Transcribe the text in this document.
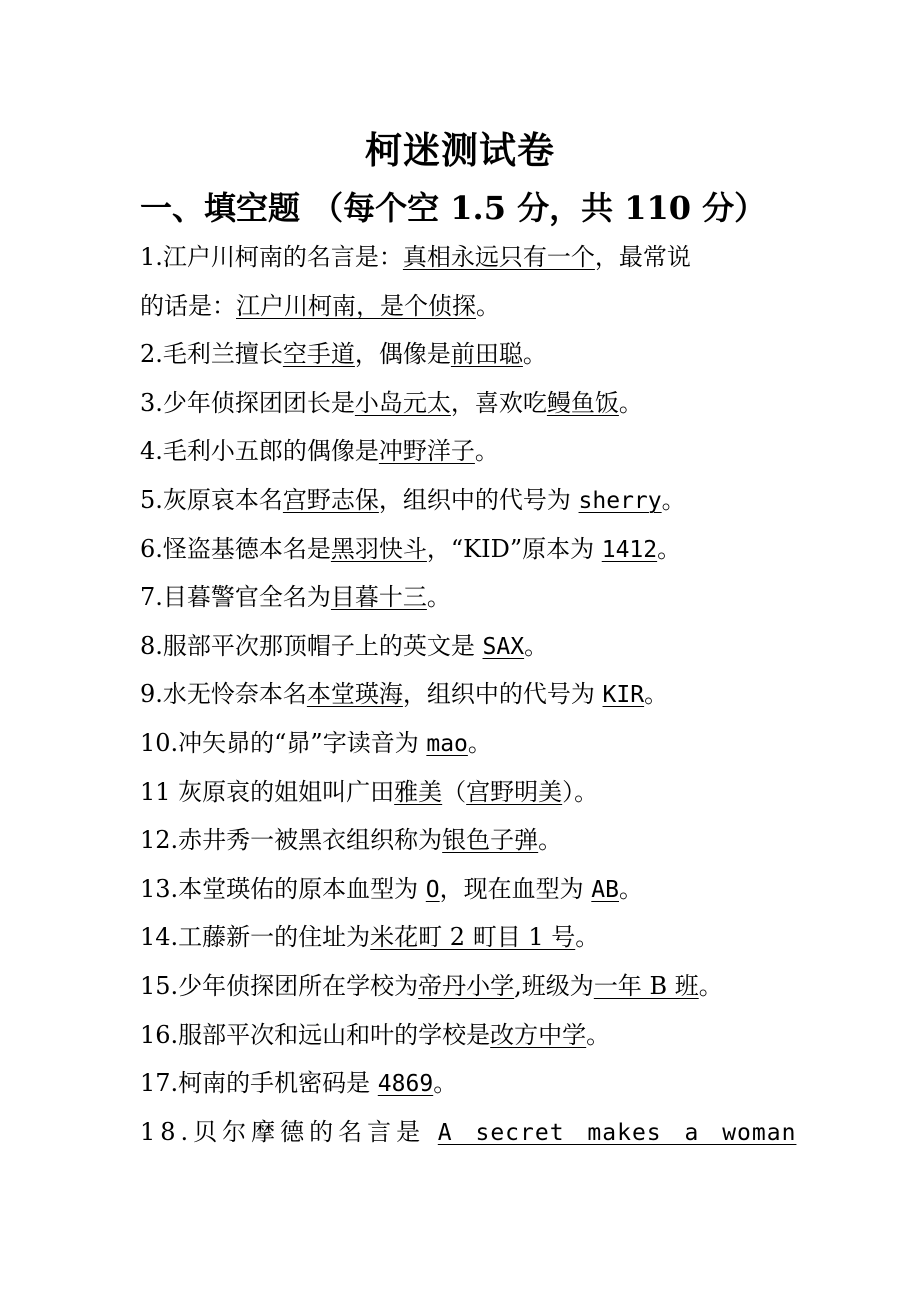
柯迷测试卷
一、填空题 （每个空 1.5 分，共 110 分）
1.江户川柯南的名言是：真相永远只有一个，最常说
的话是：江户川柯南，是个侦探。
2.毛利兰擅长空手道，偶像是前田聪。
3.少年侦探团团长是小岛元太，喜欢吃鳗鱼饭。
4.毛利小五郎的偶像是冲野洋子。
5.灰原哀本名宫野志保，组织中的代号为 sherry。
6.怪盗基德本名是黑羽快斗，“KID”原本为 1412。
7.目暮警官全名为目暮十三。
8.服部平次那顶帽子上的英文是 SAX。
9.水无怜奈本名本堂瑛海，组织中的代号为 KIR。
10.冲矢昴的“昴”字读音为 mao。
11 灰原哀的姐姐叫广田雅美（宫野明美）。
12.赤井秀一被黑衣组织称为银色子弹。
13.本堂瑛佑的原本血型为 O，现在血型为 AB。
14.工藤新一的住址为米花町 2 町目 1 号。
15.少年侦探团所在学校为帝丹小学,班级为一年 B 班。
16.服部平次和远山和叶的学校是改方中学。
17.柯南的手机密码是 4869。
18.贝尔摩德的名言是 A secret makes a woman
